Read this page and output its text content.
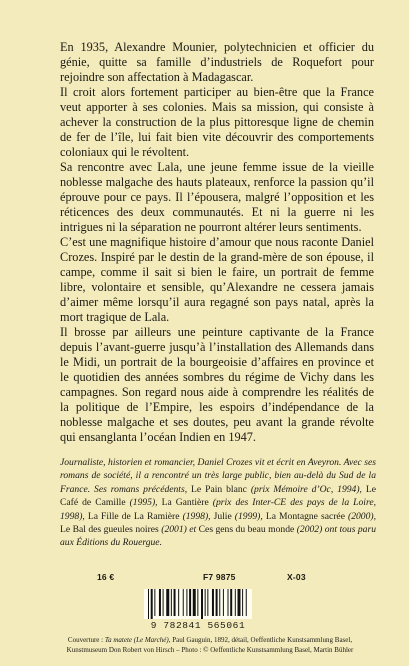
En 1935, Alexandre Mounier, polytechnicien et officier du génie, quitte sa famille d’industriels de Roquefort pour rejoindre son affectation à Madagascar.

Il croit alors fortement participer au bien-être que la France veut apporter à ses colonies. Mais sa mission, qui consiste à achever la construction de la plus pittoresque ligne de chemin de fer de l’île, lui fait bien vite découvrir des comportements coloniaux qui le révoltent.

Sa rencontre avec Lala, une jeune femme issue de la vieille noblesse malgache des hauts plateaux, renforce la passion qu’il éprouve pour ce pays. Il l’épousera, malgré l’opposition et les réticences des deux communautés. Et ni la guerre ni les intrigues ni la séparation ne pourront altérer leurs sentiments.

C’est une magnifique histoire d’amour que nous raconte Daniel Crozes. Inspiré par le destin de la grand-mère de son épouse, il campe, comme il sait si bien le faire, un portrait de femme libre, volontaire et sensible, qu’Alexandre ne cessera jamais d’aimer même lorsqu’il aura regagné son pays natal, après la mort tragique de Lala.

Il brosse par ailleurs une peinture captivante de la France depuis l’avant-guerre jusqu’à l’installation des Allemands dans le Midi, un portrait de la bourgeoisie d’affaires en province et le quotidien des années sombres du régime de Vichy dans les campagnes. Son regard nous aide à comprendre les réalités de la politique de l’Empire, les espoirs d’indépendance de la noblesse malgache et ses doutes, peu avant la grande révolte qui ensanglanta l’océan Indien en 1947.

Journaliste, historien et romancier, Daniel Crozes vit et écrit en Aveyron. Avec ses romans de société, il a rencontré un très large public, bien au-delà du Sud de la France. Ses romans précédents, Le Pain blanc (prix Mémoire d’Oc, 1994), Le Café de Camille (1995), La Gantière (prix des Inter-CE des pays de la Loire, 1998), La Fille de La Ramière (1998), Julie (1999), La Montagne sacrée (2000), Le Bal des gueules noires (2001) et Ces gens du beau monde (2002) ont tous paru aux Éditions du Rouergue.
16 €	F7 9875	X-03
9 782841 565061
Couverture : Ta matete (Le Marché), Paul Gauguin, 1892, détail, Oeffentliche Kunstsammlung Basel,
Kunstmuseum Don Robert von Hirsch – Photo : © Oeffentliche Kunstsammlung Basel, Martin Bühler
